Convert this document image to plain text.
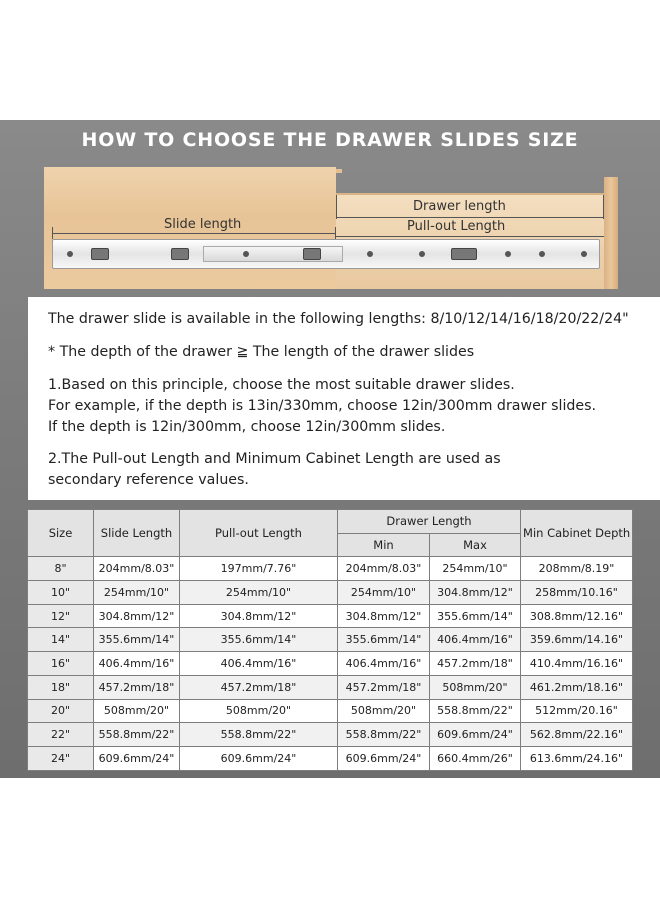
HOW TO CHOOSE THE DRAWER SLIDES SIZE
Drawer length
Pull-out Length
Slide length

The drawer slide is available in the following lengths: 8/10/12/14/16/18/20/22/24"

* The depth of the drawer ≧ The length of the drawer slides

1.Based on this principle, choose the most suitable drawer slides.

For example, if the depth is 13in/330mm, choose 12in/300mm drawer slides.

If the depth is 12in/300mm, choose 12in/300mm slides.

2.The Pull-out Length and Minimum Cabinet Length are used as

secondary reference values.

Size	Slide Length	Pull-out Length	Drawer Length		Min Cabinet Depth
			Min	Max	
8"	204mm/8.03"	197mm/7.76"	204mm/8.03"	254mm/10"	208mm/8.19"
10"	254mm/10"	254mm/10"	254mm/10"	304.8mm/12"	258mm/10.16"
12"	304.8mm/12"	304.8mm/12"	304.8mm/12"	355.6mm/14"	308.8mm/12.16"
14"	355.6mm/14"	355.6mm/14"	355.6mm/14"	406.4mm/16"	359.6mm/14.16"
16"	406.4mm/16"	406.4mm/16"	406.4mm/16"	457.2mm/18"	410.4mm/16.16"
18"	457.2mm/18"	457.2mm/18"	457.2mm/18"	508mm/20"	461.2mm/18.16"
20"	508mm/20"	508mm/20"	508mm/20"	558.8mm/22"	512mm/20.16"
22"	558.8mm/22"	558.8mm/22"	558.8mm/22"	609.6mm/24"	562.8mm/22.16"
24"	609.6mm/24"	609.6mm/24"	609.6mm/24"	660.4mm/26"	613.6mm/24.16"
